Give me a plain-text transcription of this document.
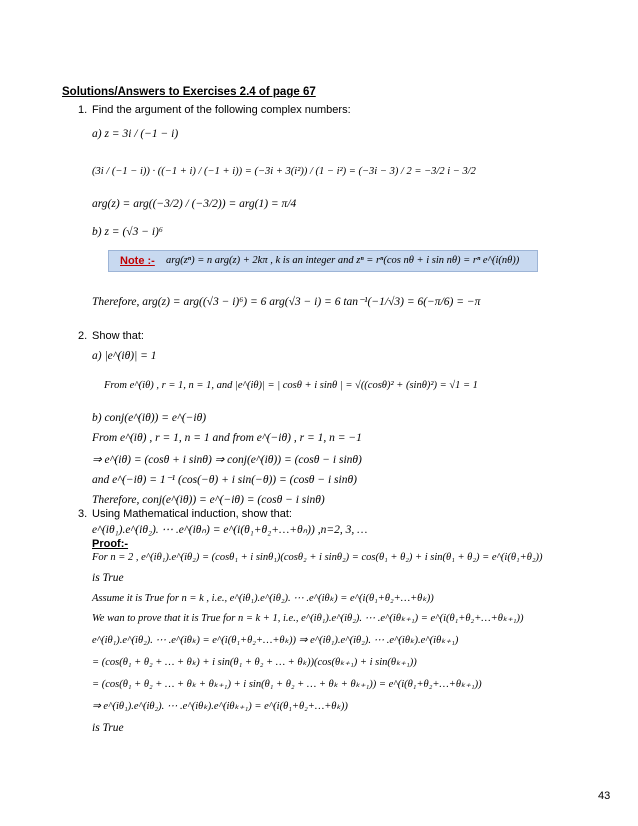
Solutions/Answers to Exercises 2.4 of page 67
1. Find the argument of the following complex numbers:
a) z = 3i / (−1 − i)
(3i / (−1 − i)) · ((−1 + i) / (−1 + i)) = (−3i + 3(i²)) / (1 − i²) = (−3i − 3) / 2 = −3/2 i − 3/2
arg(z) = arg((−3/2) / (−3/2)) = arg(1) = π/4
b) z = (√3 − i)⁶
Note :- arg(zⁿ) = n arg(z) + 2kπ , k is an integer and zⁿ = rⁿ(cos nθ + i sin nθ) = rⁿ e^(i(nθ))
Therefore, arg(z) = arg((√3 − i)⁶) = 6 arg(√3 − i) = 6 tan⁻¹(−1/√3) = 6(−π/6) = −π
2. Show that:
a) |e^(iθ)| = 1
From e^(iθ) , r = 1, n = 1, and |e^(iθ)| = | cosθ + i sinθ | = √((cosθ)² + (sinθ)²) = √1 = 1
b) conj(e^(iθ)) = e^(−iθ)
From e^(iθ) , r = 1, n = 1 and from e^(−iθ) , r = 1, n = −1
⇒ e^(iθ) = (cosθ + i sinθ) ⇒ conj(e^(iθ)) = (cosθ − i sinθ)
and e^(−iθ) = 1⁻¹ (cos(−θ) + i sin(−θ)) = (cosθ − i sinθ)
Therefore, conj(e^(iθ)) = e^(−iθ) = (cosθ − i sinθ)
3. Using Mathematical induction, show that:
e^(iθ₁).e^(iθ₂). ⋯ .e^(iθₙ) = e^(i(θ₁+θ₂+…+θₙ)) ,n=2, 3, …
Proof:-
For n = 2 , e^(iθ₁).e^(iθ₂) = (cosθ₁ + i sinθ₁)(cosθ₂ + i sinθ₂) = cos(θ₁ + θ₂) + i sin(θ₁ + θ₂) = e^(i(θ₁+θ₂))
is True
Assume it is True for n = k , i.e., e^(iθ₁).e^(iθ₂). ⋯ .e^(iθₖ) = e^(i(θ₁+θ₂+…+θₖ))
We wan to prove that it is True for n = k + 1, i.e., e^(iθ₁).e^(iθ₂). ⋯ .e^(iθₖ₊₁) = e^(i(θ₁+θ₂+…+θₖ₊₁))
e^(iθ₁).e^(iθ₂). ⋯ .e^(iθₖ) = e^(i(θ₁+θ₂+…+θₖ)) ⇒ e^(iθ₁).e^(iθ₂). ⋯ .e^(iθₖ).e^(iθₖ₊₁)
= (cos(θ₁ + θ₂ + … + θₖ) + i sin(θ₁ + θ₂ + … + θₖ))(cos(θₖ₊₁) + i sin(θₖ₊₁))
= (cos(θ₁ + θ₂ + … + θₖ + θₖ₊₁) + i sin(θ₁ + θ₂ + … + θₖ + θₖ₊₁)) = e^(i(θ₁+θ₂+…+θₖ₊₁))
⇒ e^(iθ₁).e^(iθ₂). ⋯ .e^(iθₖ).e^(iθₖ₊₁) = e^(i(θ₁+θ₂+…+θₖ))
is True
43
